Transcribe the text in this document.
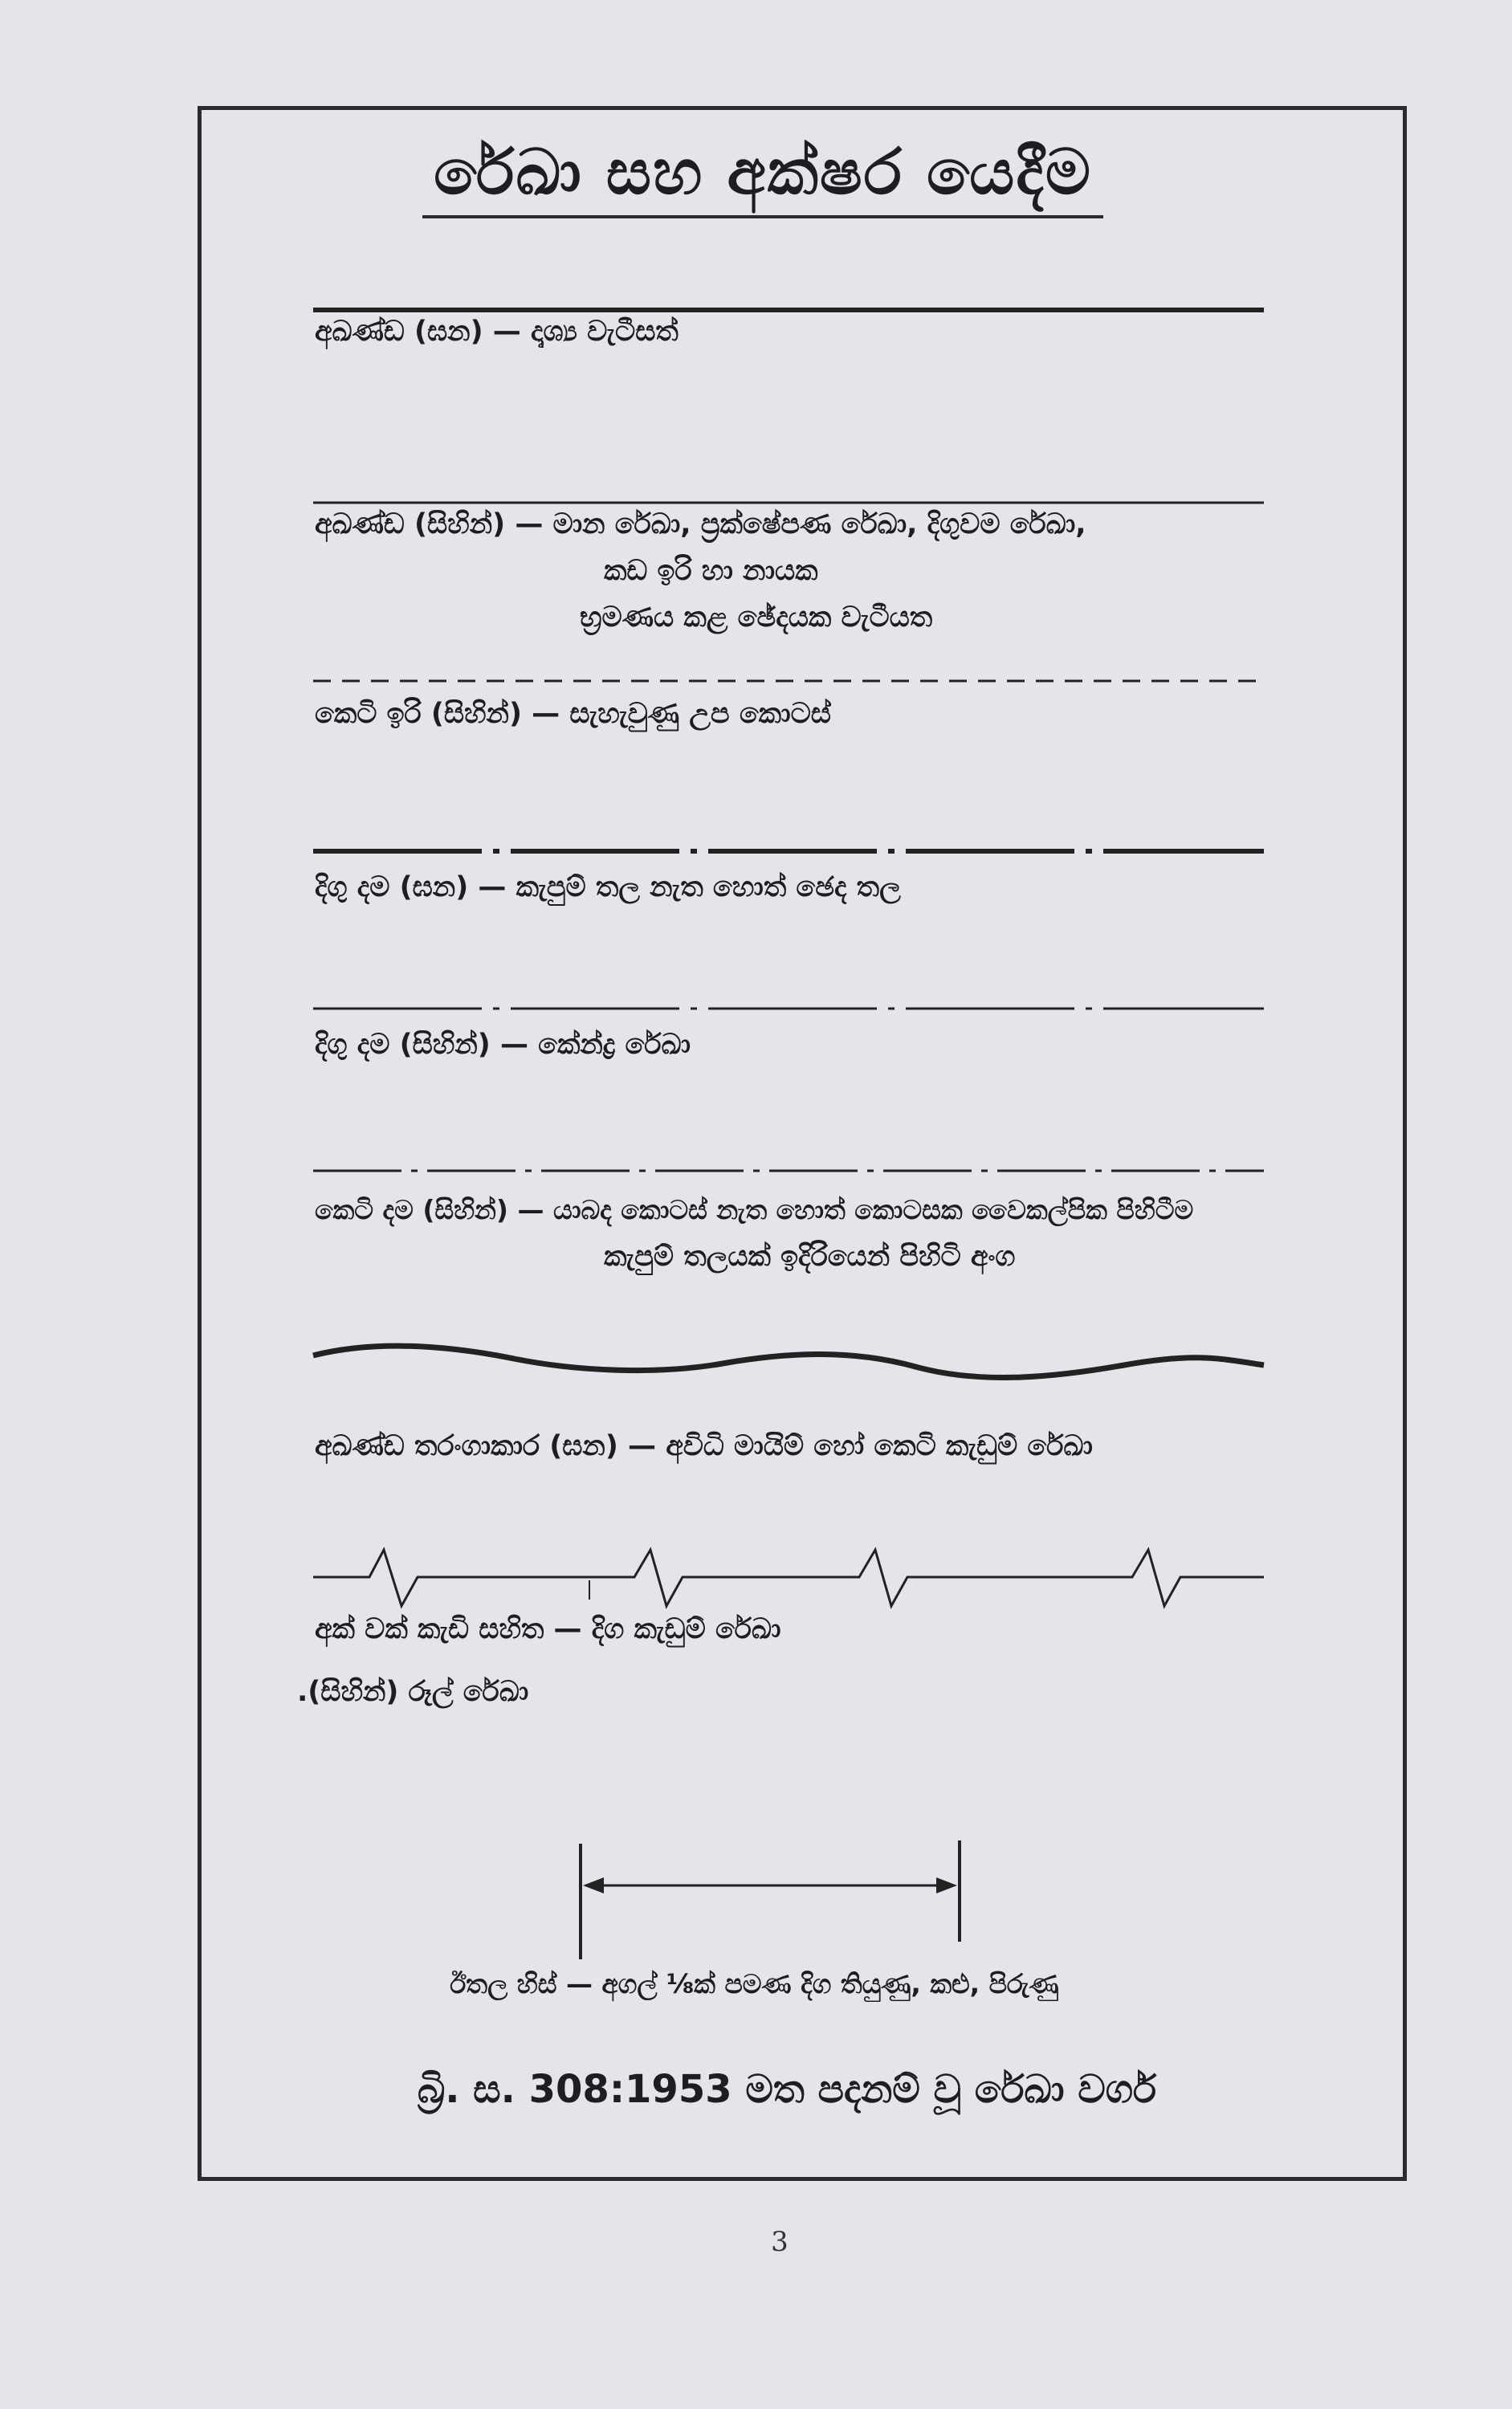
රේඛා සහ අක්ෂර යෙදීම
අඛණ්ඩ (ඝන) — දෘශ්‍ය වැටීසත්
අඛණ්ඩ (සිහින්) — මාන රේඛා, ප්‍රක්ෂේපණ රේඛා, දිගුවම රේඛා,
කඩ ඉරි හා නායක
භ්‍රමණය කළ ඡේදයක වැටීයත
කෙටි ඉරි (සිහින්) — සැහැවුණු උප කොටස්
දිගු දම (ඝන) — කැපුම් තල නැත හොත් ඡෙද තල
දිගු දම (සිහින්) — කේන්ද්‍ර රේඛා
කෙටි දම (සිහින්) — යාබද කොටස් නැත හොත් කොටසක වෛකල්පික පිහිටීම
කැපුම් තලයක් ඉදිරියෙන් පිහිටි අංග
අඛණ්ඩ තරංගාකාර (ඝන) — අවිධි මායිම් හෝ කෙටි කැඩුම් රේඛා
අක් වක් කැඩි සහිත — දිග කැඩුම් රේඛා
.(සිහින්) රූල් රේඛා
ඊතල හිස් — අගල් ⅛ක් පමණ දිග තියුණු, කළු, පිරුණු
බ්‍රි. ස. 308:1953 මත පදනම් වූ රේඛා වර්ග
3
